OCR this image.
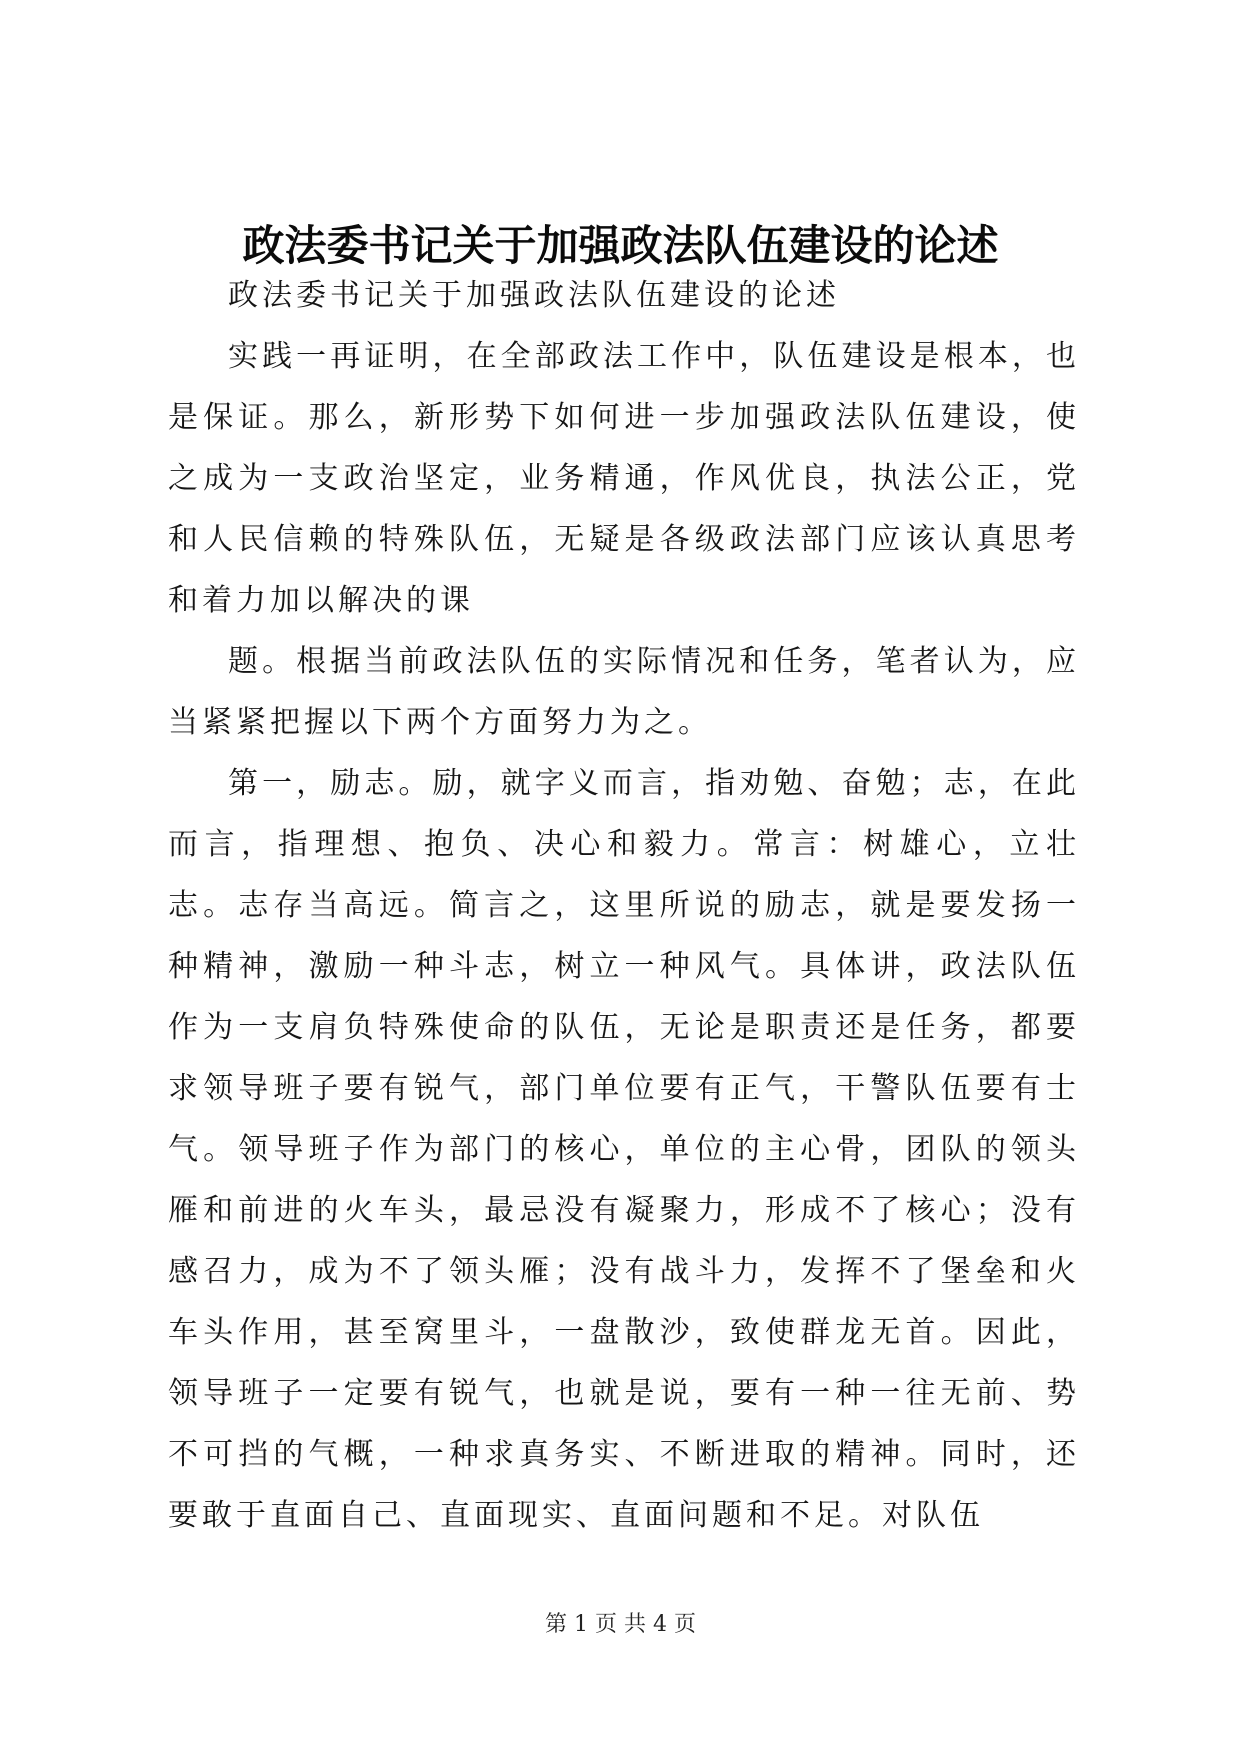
政法委书记关于加强政法队伍建设的论述

政法委书记关于加强政法队伍建设的论述

实践一再证明，在全部政法工作中，队伍建设是根本，也是保证。那么，新形势下如何进一步加强政法队伍建设，使之成为一支政治坚定，业务精通，作风优良，执法公正，党和人民信赖的特殊队伍，无疑是各级政法部门应该认真思考和着力加以解决的课

题。根据当前政法队伍的实际情况和任务，笔者认为，应当紧紧把握以下两个方面努力为之。

第一，励志。励，就字义而言，指劝勉、奋勉；志，在此而言，指理想、抱负、决心和毅力。常言：树雄心，立壮志。志存当高远。简言之，这里所说的励志，就是要发扬一种精神，激励一种斗志，树立一种风气。具体讲，政法队伍作为一支肩负特殊使命的队伍，无论是职责还是任务，都要求领导班子要有锐气，部门单位要有正气，干警队伍要有士气。领导班子作为部门的核心，单位的主心骨，团队的领头雁和前进的火车头，最忌没有凝聚力，形成不了核心；没有感召力，成为不了领头雁；没有战斗力，发挥不了堡垒和火车头作用，甚至窝里斗，一盘散沙，致使群龙无首。因此，领导班子一定要有锐气，也就是说，要有一种一往无前、势不可挡的气概，一种求真务实、不断进取的精神。同时，还要敢于直面自己、直面现实、直面问题和不足。对队伍

第 1 页 共 4 页
